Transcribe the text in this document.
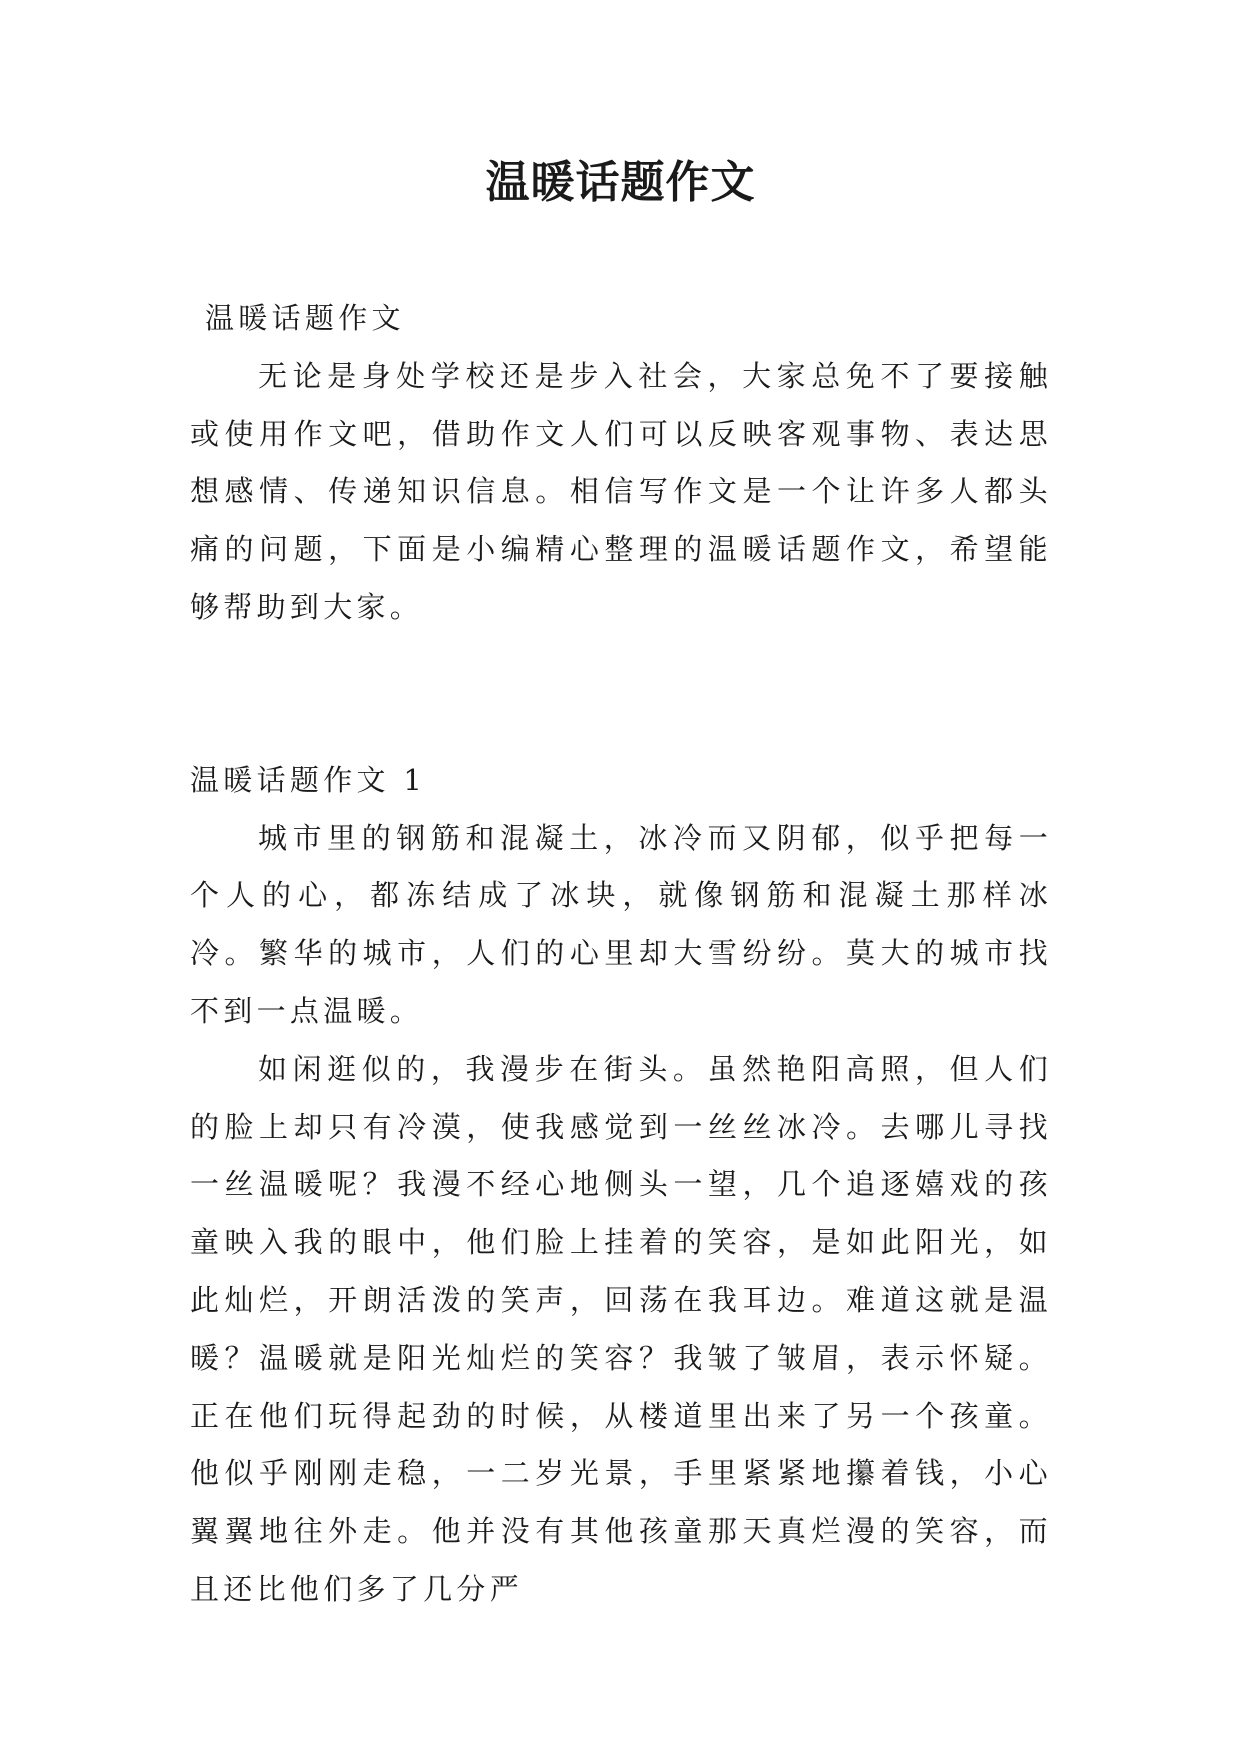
温暖话题作文

温暖话题作文

无论是身处学校还是步入社会，大家总免不了要接触或使用作文吧，借助作文人们可以反映客观事物、表达思想感情、传递知识信息。相信写作文是一个让许多人都头痛的问题，下面是小编精心整理的温暖话题作文，希望能够帮助到大家。

温暖话题作文 1

城市里的钢筋和混凝土，冰冷而又阴郁，似乎把每一个人的心，都冻结成了冰块，就像钢筋和混凝土那样冰冷。繁华的城市，人们的心里却大雪纷纷。莫大的城市找不到一点温暖。

如闲逛似的，我漫步在街头。虽然艳阳高照，但人们的脸上却只有冷漠，使我感觉到一丝丝冰冷。去哪儿寻找一丝温暖呢？我漫不经心地侧头一望，几个追逐嬉戏的孩童映入我的眼中，他们脸上挂着的笑容，是如此阳光，如此灿烂，开朗活泼的笑声，回荡在我耳边。难道这就是温暖？温暖就是阳光灿烂的笑容？我皱了皱眉，表示怀疑。正在他们玩得起劲的时候，从楼道里出来了另一个孩童。他似乎刚刚走稳，一二岁光景，手里紧紧地攥着钱，小心翼翼地往外走。他并没有其他孩童那天真烂漫的笑容，而且还比他们多了几分严
